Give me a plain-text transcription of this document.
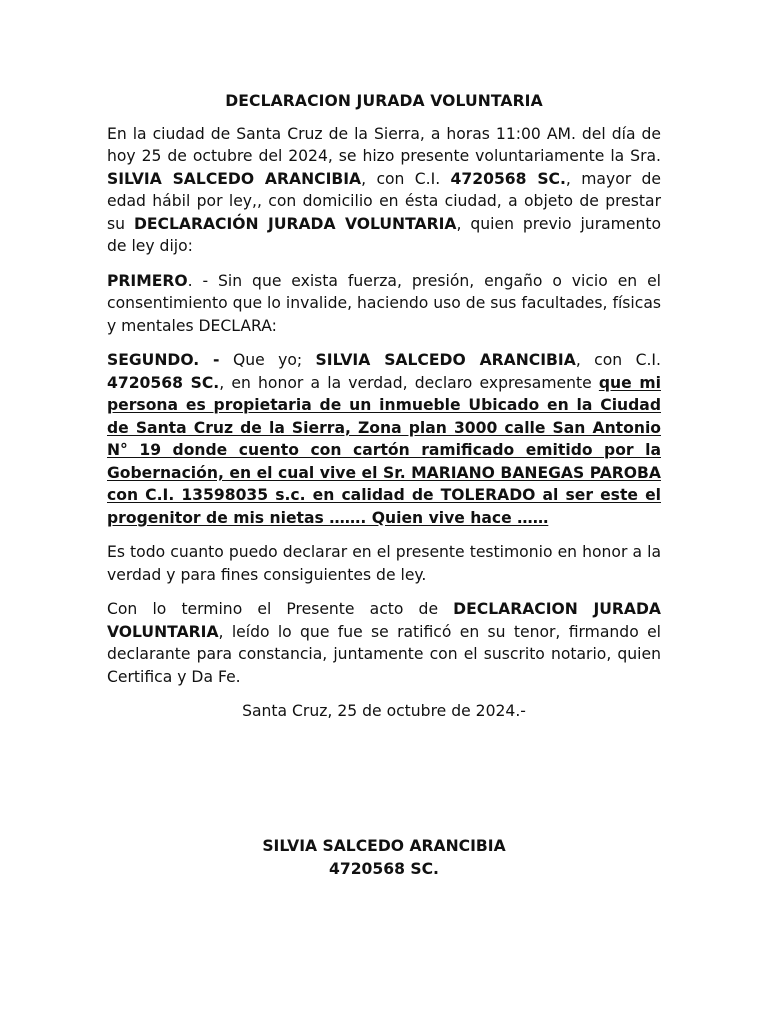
DECLARACION JURADA VOLUNTARIA

En la ciudad de Santa Cruz de la Sierra, a horas 11:00 AM. del día de hoy 25 de octubre del 2024, se hizo presente voluntariamente la Sra. SILVIA SALCEDO ARANCIBIA, con C.I. 4720568 SC., mayor de edad hábil por ley,, con domicilio en ésta ciudad, a objeto de prestar su DECLARACIÓN JURADA VOLUNTARIA, quien previo juramento de ley dijo:

PRIMERO. - Sin que exista fuerza, presión, engaño o vicio en el consentimiento que lo invalide, haciendo uso de sus facultades, físicas y mentales DECLARA:

SEGUNDO. - Que yo; SILVIA SALCEDO ARANCIBIA, con C.I. 4720568 SC., en honor a la verdad, declaro expresamente que mi persona es propietaria de un inmueble Ubicado en la Ciudad de Santa Cruz de la Sierra, Zona plan 3000 calle San Antonio N° 19 donde cuento con cartón ramificado emitido por la Gobernación, en el cual vive el Sr. MARIANO BANEGAS PAROBA con C.I. 13598035 s.c. en calidad de TOLERADO al ser este el progenitor de mis nietas ……. Quien vive hace ……

Es todo cuanto puedo declarar en el presente testimonio en honor a la verdad y para fines consiguientes de ley.

Con lo termino el Presente acto de DECLARACION JURADA VOLUNTARIA, leído lo que fue se ratificó en su tenor, firmando el declarante para constancia, juntamente con el suscrito notario, quien Certifica y Da Fe.

Santa Cruz, 25 de octubre de 2024.-

SILVIA SALCEDO ARANCIBIA
4720568 SC.
